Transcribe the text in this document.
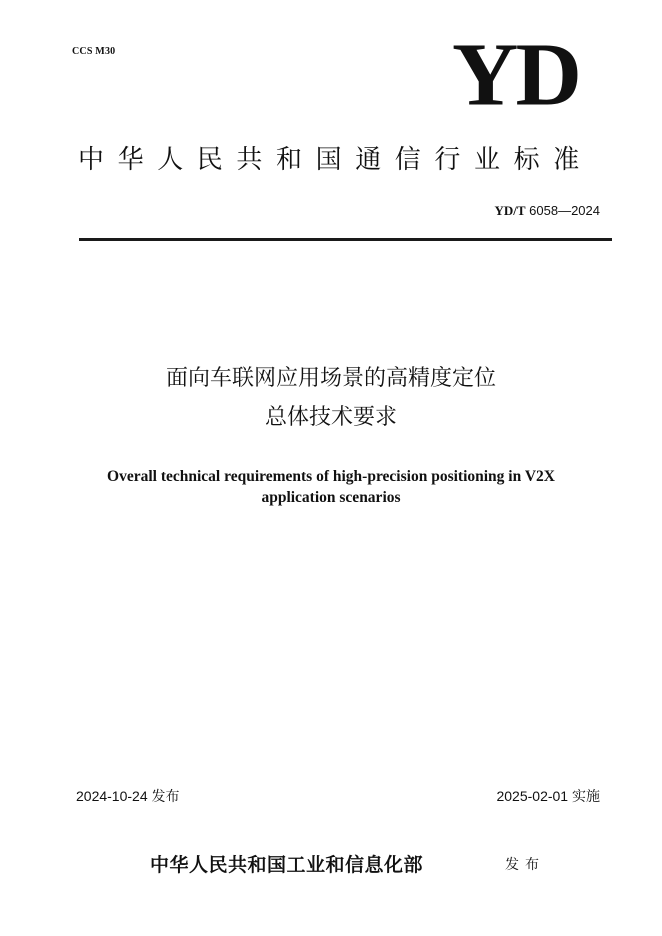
CCS M30	YD
中华人民共和国通信行业标准
YD/T 6058—2024
面向车联网应用场景的高精度定位
总体技术要求
Overall technical requirements of high-precision positioning in V2X
application scenarios
2024-10-24 发布	2025-02-01 实施
中华人民共和国工业和信息化部	发布
